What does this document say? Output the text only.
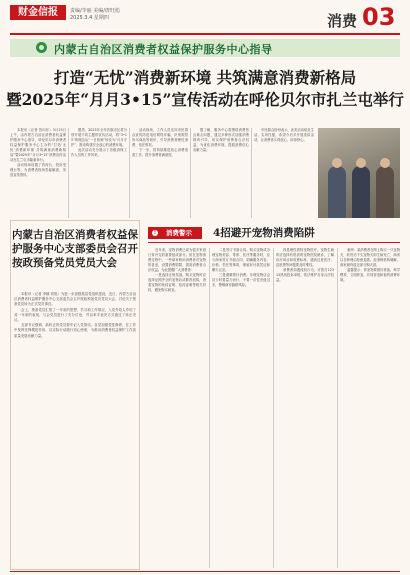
财金信报	责编/李丽 美编/唐旺彪
2025.3.4 星期四	消费 03
内蒙古自治区消费者权益保护服务中心指导
打造“无忧”消费新环境 共筑满意消费新格局
暨2025年“月月3•15”宣传活动在呼伦贝尔市扎兰屯举行

本报讯（记者 贺向东）3月15日上午，由内蒙古自治区消费者权益保护服务中心指导，呼伦贝尔市消费者权益保护服务中心主办的“打造‘无忧’消费新环境 共筑满意消费新格局”暨2025年“月月3•15”消费宣传活动在扎兰屯市隆重举行。

活动现场设置了咨询台、投诉受理台等，为消费者现场答疑解惑，发放宣传资料。

据悉，2025年全年各旗市区将分别开展不同主题的宣传活动，将“3•15”的理念从“一日热闹”转变为“月月守护”，推动构建安全放心的消费环境。

此次活动充分展示了各级消保工作人员的工作风采。

活动现场，工作人员还向市民群众宣传防范电信网络诈骗、识别假冒伪劣商品等知识，引导消费者理性消费、依法维权。

下一步，将持续推进放心消费创建工作，提升消费者满意度。

据了解，服务中心将围绕消费热点难点问题，通过多种形式加强消费教育引导，切实保护消费者合法权益，为优化消费环境、提振消费信心贡献力量。

市民群众纷纷表示，此类活动贴近生活、实用性强，希望今后多开展类似活动，让消费者买得放心、用得舒心。

内蒙古自治区消费者权益保护服务中心支部委员会召开按政预备党员党员大会

本报讯（记者 李娜 刘悦）为进一步加强基层党组织建设，近日，内蒙古自治区消费者权益保护服务中心支部委员会召开按政预备党员党员大会，讨论关于预备党员转为正式党员事宜。

会上，预备党员汇报了一年来的思想、学习和工作情况，入党介绍人介绍了其一年来的表现，与会党员进行了充分讨论，并以举手表决方式通过了转正决议。

支部书记强调，新转正的党员要牢记入党誓词，自觉加强党性修养，在工作中发挥先锋模范作用，以实际行动践行初心使命，为推动消费者权益保护工作高质量发展贡献力量。

!
消费警示	4招避开宠物消费陷阱

近年来，宠物消费已成为很多家庭日常开支的重要组成部分。但在宠物消费过程中，一些商家利用消费者对宠物的喜爱，设置消费陷阱，损害消费者合法权益。为此提醒广大消费者：

一是选择正规渠道。购买宠物时应选择证照齐全的宠物店或繁育机构，查看宠物的免疫证明、检疫证明等相关材料，避免购买病宠。

二是签订书面合同。购买宠物或办理宠物美容、寄养、医疗等服务时，应与商家签订书面合同，明确服务内容、价格、责任等事项，保留好付款凭证和聊天记录。

三是谨慎预付消费。办理宠物店会员卡时要量力而行，不要一次性充值过多，警惕商家跑路风险。

四是理性看待宠物医疗。宠物生病时应选择有资质的宠物医院就诊，了解诊疗项目和收费标准，遇到过度医疗、乱收费等问题要及时维权。

消费者如遇侵权行为，可拨打12315热线投诉举报，依法维护自身合法权益。

案例：某消费者在网上购买一只宠物犬，收货后不久宠物犬即生病死亡，商家以各种理由拒绝退款。经消保机构调解，商家最终退还部分购犬款。

温馨提示：养宠物要做好准备，科学喂养，文明养宠，共同营造和谐的消费环境。
